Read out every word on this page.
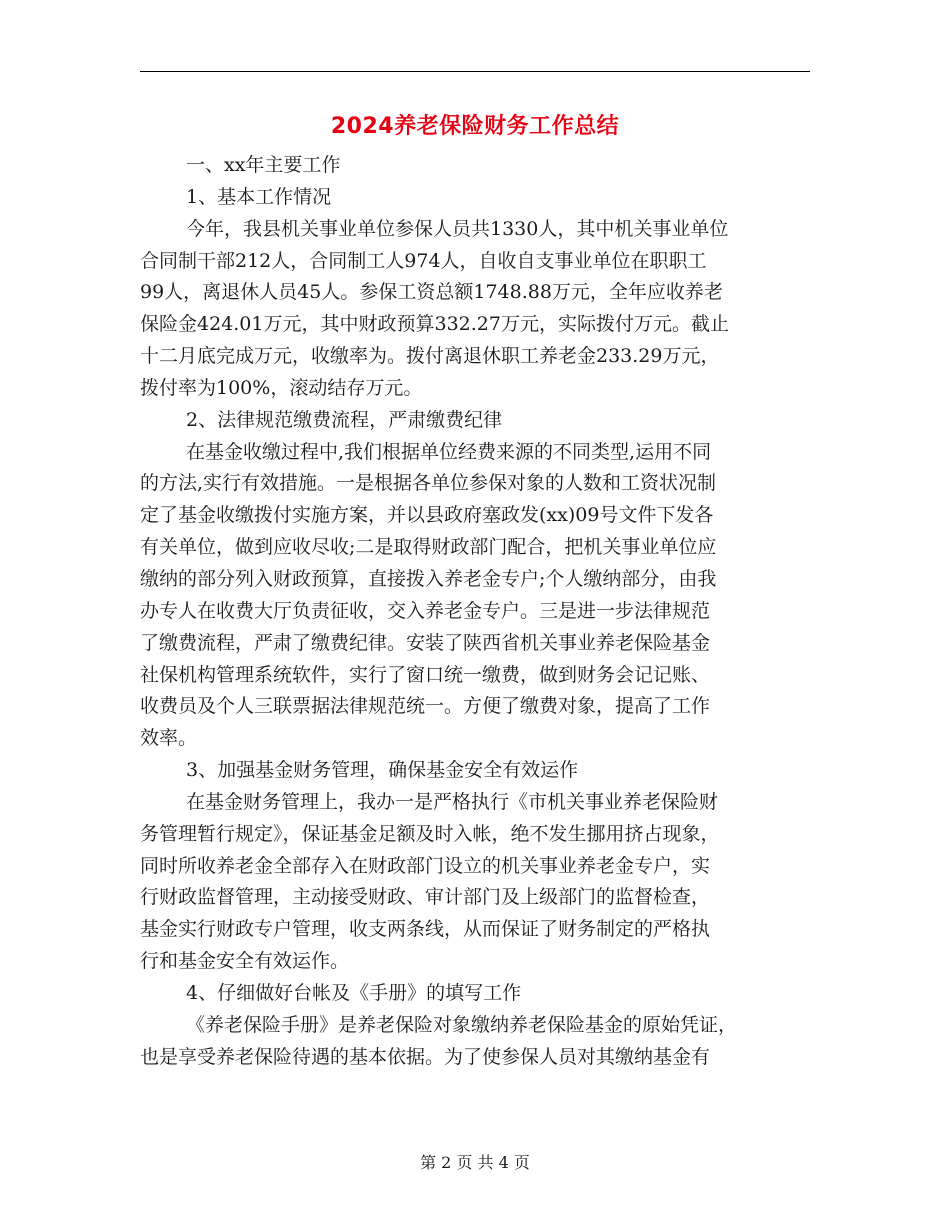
2024养老保险财务工作总结
一、xx年主要工作
1、基本工作情况
今年，我县机关事业单位参保人员共1330人，其中机关事业单位
合同制干部212人，合同制工人974人，自收自支事业单位在职职工
99人，离退休人员45人。参保工资总额1748.88万元，全年应收养老
保险金424.01万元，其中财政预算332.27万元，实际拨付万元。截止
十二月底完成万元，收缴率为。拨付离退休职工养老金233.29万元，
拨付率为100%，滚动结存万元。
2、法律规范缴费流程，严肃缴费纪律
在基金收缴过程中,我们根据单位经费来源的不同类型,运用不同
的方法,实行有效措施。一是根据各单位参保对象的人数和工资状况制
定了基金收缴拨付实施方案，并以县政府塞政发(xx)09号文件下发各
有关单位，做到应收尽收;二是取得财政部门配合，把机关事业单位应
缴纳的部分列入财政预算，直接拨入养老金专户;个人缴纳部分，由我
办专人在收费大厅负责征收，交入养老金专户。三是进一步法律规范
了缴费流程，严肃了缴费纪律。安装了陕西省机关事业养老保险基金
社保机构管理系统软件，实行了窗口统一缴费，做到财务会记记账、
收费员及个人三联票据法律规范统一。方便了缴费对象，提高了工作
效率。
3、加强基金财务管理，确保基金安全有效运作
在基金财务管理上，我办一是严格执行《市机关事业养老保险财
务管理暂行规定》，保证基金足额及时入帐，绝不发生挪用挤占现象，
同时所收养老金全部存入在财政部门设立的机关事业养老金专户，实
行财政监督管理，主动接受财政、审计部门及上级部门的监督检查，
基金实行财政专户管理，收支两条线，从而保证了财务制定的严格执
行和基金安全有效运作。
4、仔细做好台帐及《手册》的填写工作
《养老保险手册》是养老保险对象缴纳养老保险基金的原始凭证，
也是享受养老保险待遇的基本依据。为了使参保人员对其缴纳基金有
第 2 页 共 4 页
